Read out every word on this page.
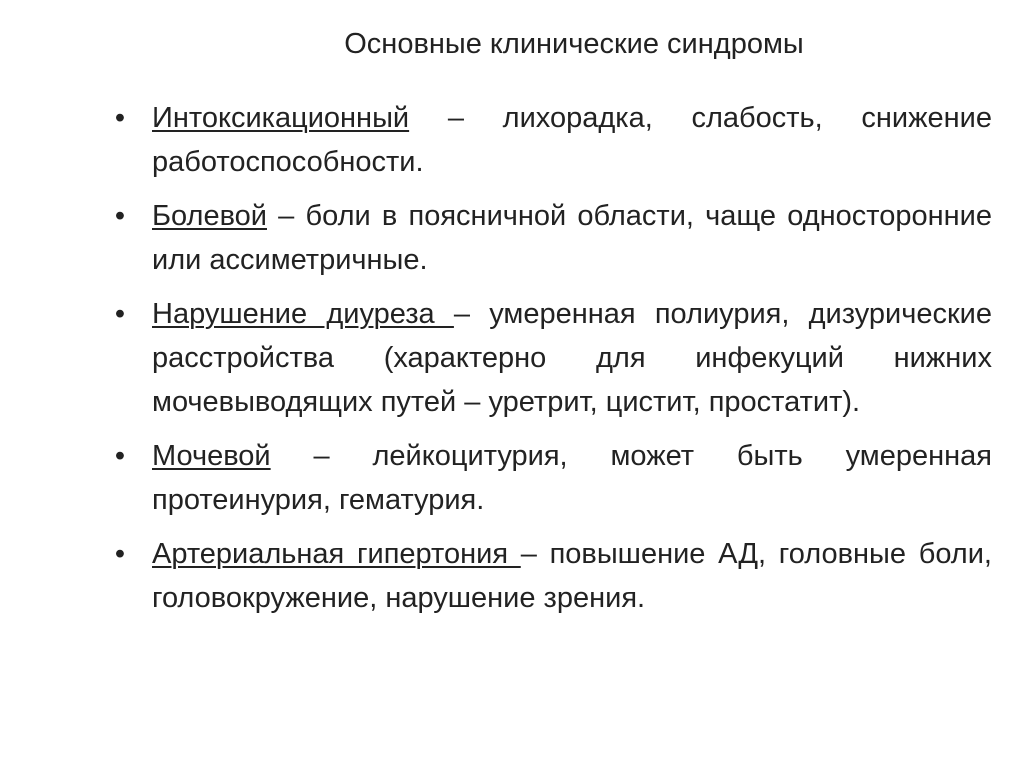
Основные клинические синдромы
• Интоксикационный – лихорадка, слабость, снижение работоспособности.
• Болевой – боли в поясничной области, чаще односторонние или ассиметричные.
• Нарушение диуреза – умеренная полиурия, дизурические расстройства (характерно для инфекуций нижних мочевыводящих путей – уретрит, цистит, простатит).
• Мочевой – лейкоцитурия, может быть умеренная протеинурия, гематурия.
• Артериальная гипертония – повышение АД, головные боли, головокружение, нарушение зрения.
